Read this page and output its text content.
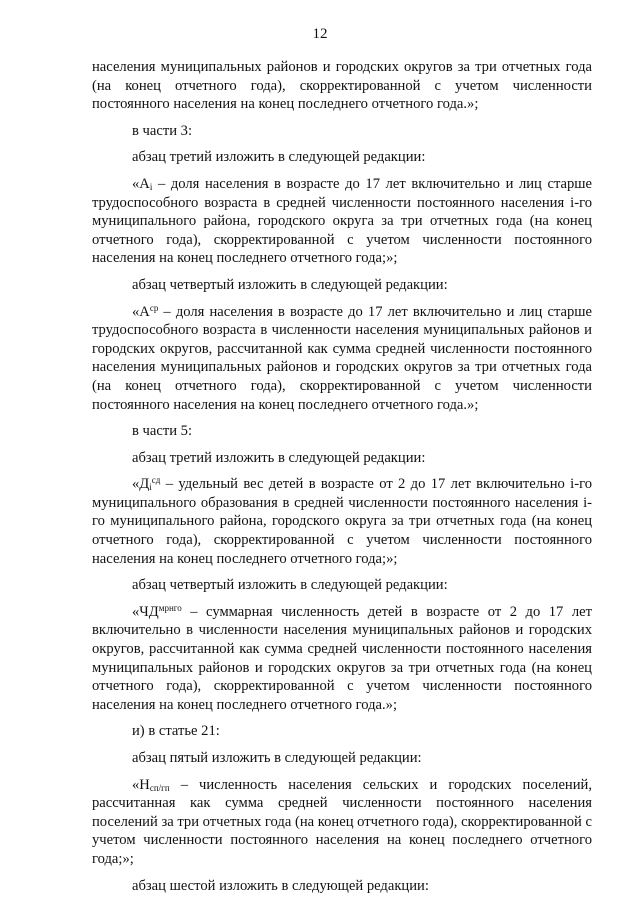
12

населения муниципальных районов и городских округов за три отчетных года (на конец отчетного года), скорректированной с учетом численности постоянного населения на конец последнего отчетного года.»;

в части 3:

абзац третий изложить в следующей редакции:

«$А_i$ – доля населения в возрасте до 17 лет включительно и лиц старше трудоспособного возраста в средней численности постоянного населения i-го муниципального района, городского округа за три отчетных года (на конец отчетного года), скорректированной с учетом численности постоянного населения на конец последнего отчетного года;»;

абзац четвертый изложить в следующей редакции:

«$А^{ср}$ – доля населения в возрасте до 17 лет включительно и лиц старше трудоспособного возраста в численности населения муниципальных районов и городских округов, рассчитанной как сумма средней численности постоянного населения муниципальных районов и городских округов за три отчетных года (на конец отчетного года), скорректированной с учетом численности постоянного населения на конец последнего отчетного года.»;

в части 5:

абзац третий изложить в следующей редакции:

«$Д_i^{сд}$ – удельный вес детей в возрасте от 2 до 17 лет включительно i-го муниципального образования в средней численности постоянного населения i-го муниципального района, городского округа за три отчетных года (на конец отчетного года), скорректированной с учетом численности постоянного населения на конец последнего отчетного года;»;

абзац четвертый изложить в следующей редакции:

«$ЧД^{мрнго}$ – суммарная численность детей в возрасте от 2 до 17 лет включительно в численности населения муниципальных районов и городских округов, рассчитанной как сумма средней численности постоянного населения муниципальных районов и городских округов за три отчетных года (на конец отчетного года), скорректированной с учетом численности постоянного населения на конец последнего отчетного года.»;

и) в статье 21:

абзац пятый изложить в следующей редакции:

«$Н_{сп/гп}$ – численность населения сельских и городских поселений, рассчитанная как сумма средней численности постоянного населения поселений за три отчетных года (на конец отчетного года), скорректированной с учетом численности постоянного населения на конец последнего отчетного года;»;

абзац шестой изложить в следующей редакции:
